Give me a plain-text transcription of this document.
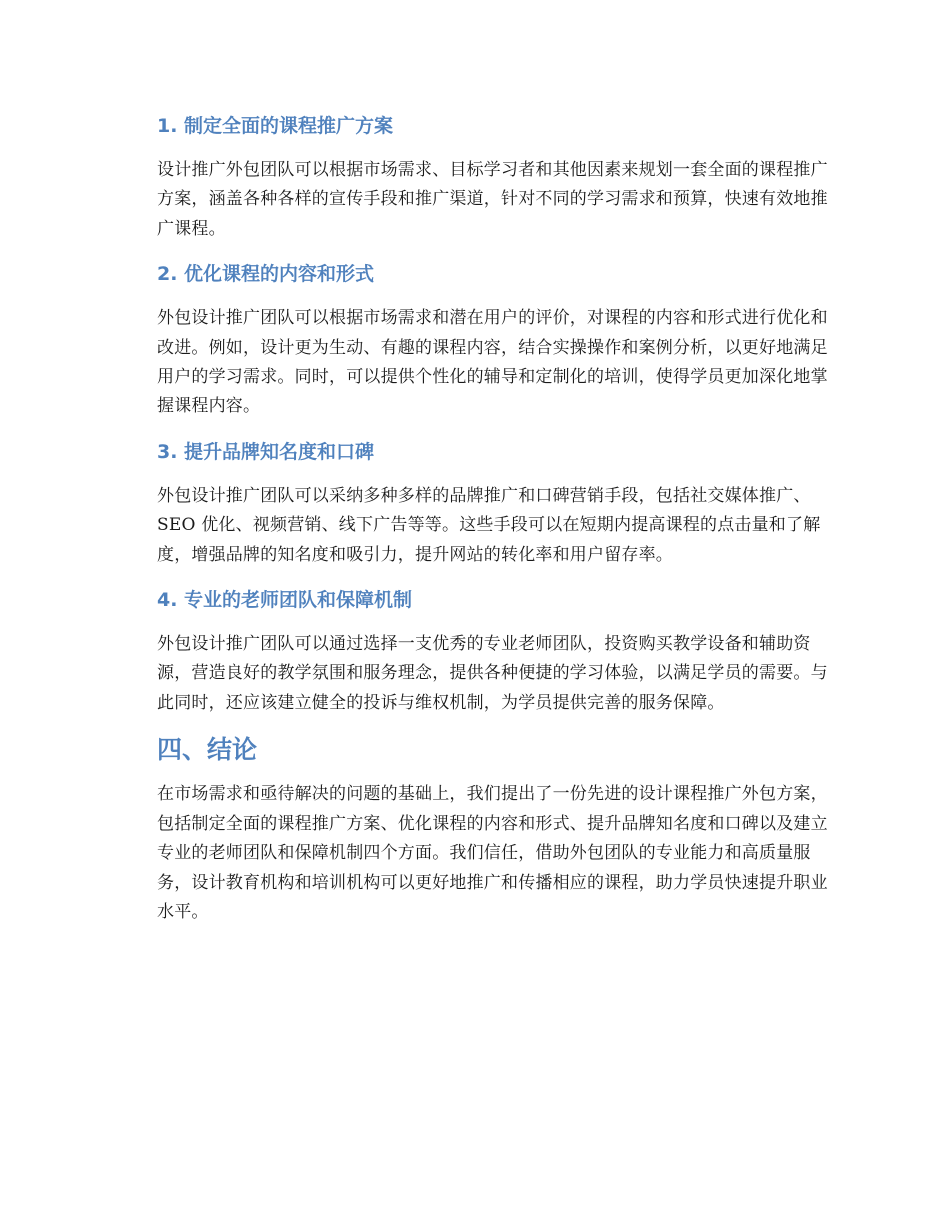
1. 制定全面的课程推广方案

设计推广外包团队可以根据市场需求、目标学习者和其他因素来规划一套全面的课程推广方案，涵盖各种各样的宣传手段和推广渠道，针对不同的学习需求和预算，快速有效地推广课程。

2. 优化课程的内容和形式

外包设计推广团队可以根据市场需求和潜在用户的评价，对课程的内容和形式进行优化和改进。例如，设计更为生动、有趣的课程内容，结合实操操作和案例分析，以更好地满足用户的学习需求。同时，可以提供个性化的辅导和定制化的培训，使得学员更加深化地掌握课程内容。

3. 提升品牌知名度和口碑

外包设计推广团队可以采纳多种多样的品牌推广和口碑营销手段，包括社交媒体推广、SEO 优化、视频营销、线下广告等等。这些手段可以在短期内提高课程的点击量和了解度，增强品牌的知名度和吸引力，提升网站的转化率和用户留存率。

4. 专业的老师团队和保障机制

外包设计推广团队可以通过选择一支优秀的专业老师团队，投资购买教学设备和辅助资源，营造良好的教学氛围和服务理念，提供各种便捷的学习体验，以满足学员的需要。与此同时，还应该建立健全的投诉与维权机制，为学员提供完善的服务保障。

四、结论

在市场需求和亟待解决的问题的基础上，我们提出了一份先进的设计课程推广外包方案，包括制定全面的课程推广方案、优化课程的内容和形式、提升品牌知名度和口碑以及建立专业的老师团队和保障机制四个方面。我们信任，借助外包团队的专业能力和高质量服务，设计教育机构和培训机构可以更好地推广和传播相应的课程，助力学员快速提升职业水平。
